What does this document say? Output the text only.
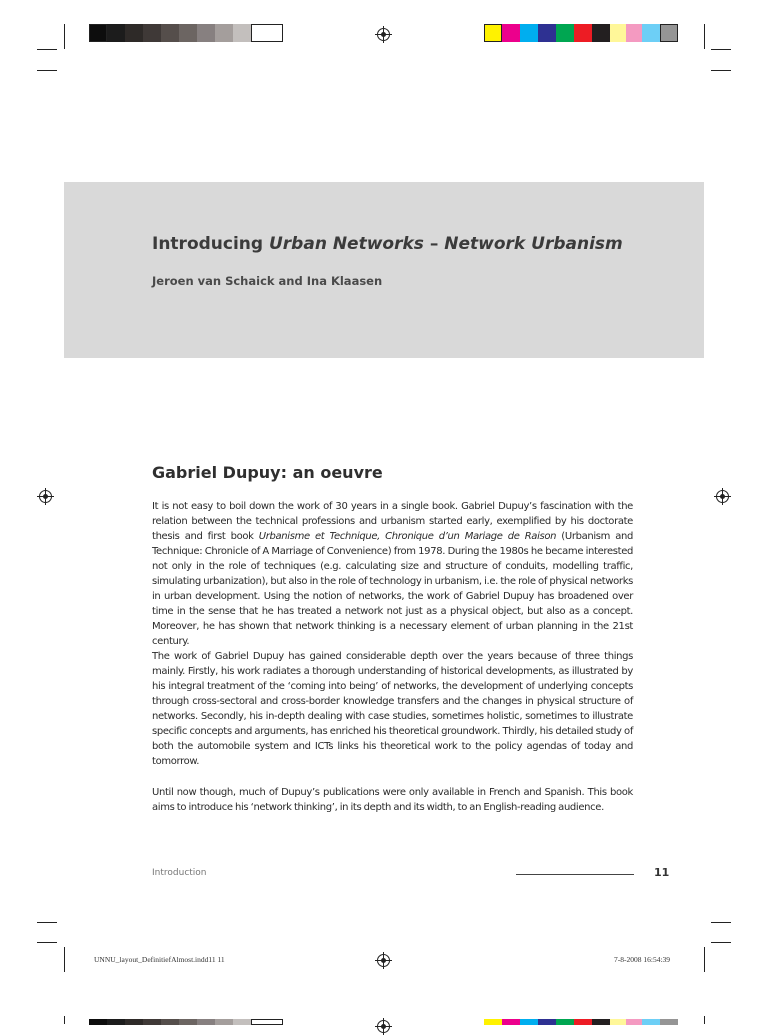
Introducing Urban Networks – Network Urbanism
Jeroen van Schaick and Ina Klaasen
Gabriel Dupuy: an oeuvre
It is not easy to boil down the work of 30 years in a single book. Gabriel Dupuy’s fascination with the relation between the technical professions and urbanism started early, exemplified by his doctorate thesis and first book Urbanisme et Technique, Chronique d’un Mariage de Raison (Urbanism and Technique: Chronicle of A Marriage of Convenience) from 1978. During the 1980s he became interested not only in the role of techniques (e.g. calculating size and structure of conduits, modelling traffic, simulating urbanization), but also in the role of technology in urbanism, i.e. the role of physical networks in urban development. Using the notion of networks, the work of Gabriel Dupuy has broadened over time in the sense that he has treated a network not just as a physical object, but also as a concept. Moreover, he has shown that network thinking is a necessary element of urban planning in the 21st century.
The work of Gabriel Dupuy has gained considerable depth over the years because of three things mainly. Firstly, his work radiates a thorough understanding of historical developments, as illustrated by his integral treatment of the ‘coming into being’ of networks, the development of underlying concepts through cross-sectoral and cross-border knowledge transfers and the changes in physical structure of networks. Secondly, his in-depth dealing with case studies, sometimes holistic, sometimes to illustrate specific concepts and arguments, has enriched his theoretical groundwork. Thirdly, his detailed study of both the automobile system and ICTs links his theoretical work to the policy agendas of today and tomorrow.
Until now though, much of Dupuy’s publications were only available in French and Spanish. This book aims to introduce his ‘network thinking’, in its depth and its width, to an English-reading audience.
Introduction	11
UNNU_layout_DefinitiefAlmost.indd11 11	7-8-2008 16:54:39
